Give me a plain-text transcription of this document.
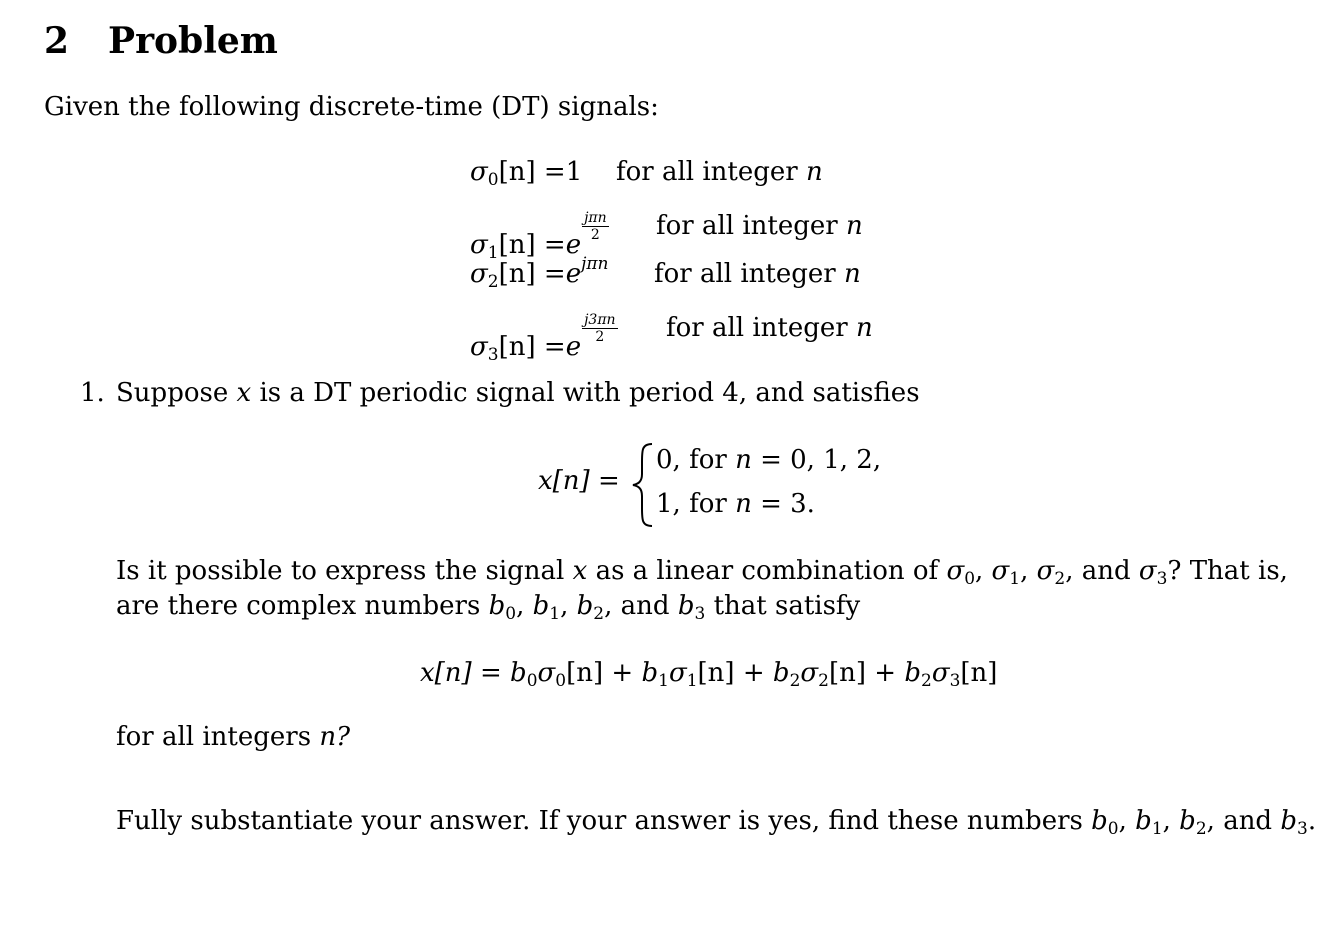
2 Problem
Given the following discrete-time (DT) signals:
$\sigma_0[n] =1$ for all integer n
$\sigma_1[n] =e$
$\frac{\text{jπn}}{2}$ for all integer n
$\sigma_2[n] =e^{j\pi n}$ for all integer n
$\sigma_3[n] =e$
$\frac{j3\pi n}{2}$ for all integer n
1. Suppose x is a DT periodic signal with period 4, and satisfies
x[n] =
0, for n = 0, 1, 2,
1, for n = 3.
Is it possible to express the signal x as a linear combination of $\sigma_0$, $\sigma_1$, $\sigma_2$, and $\sigma_3$? That is,
are there complex numbers $b_0$, $b_1$, $b_2$, and $b_3$ that satisfy
$x[n] = b_0\sigma_0[n] + b_1\sigma_1[n] + b_2\sigma_2[n] + b_2\sigma_3[n]$
for all integers n?
Fully substantiate your answer. If your answer is yes, find these numbers $b_0$, $b_1$, $b_2$, and $b_3$.
